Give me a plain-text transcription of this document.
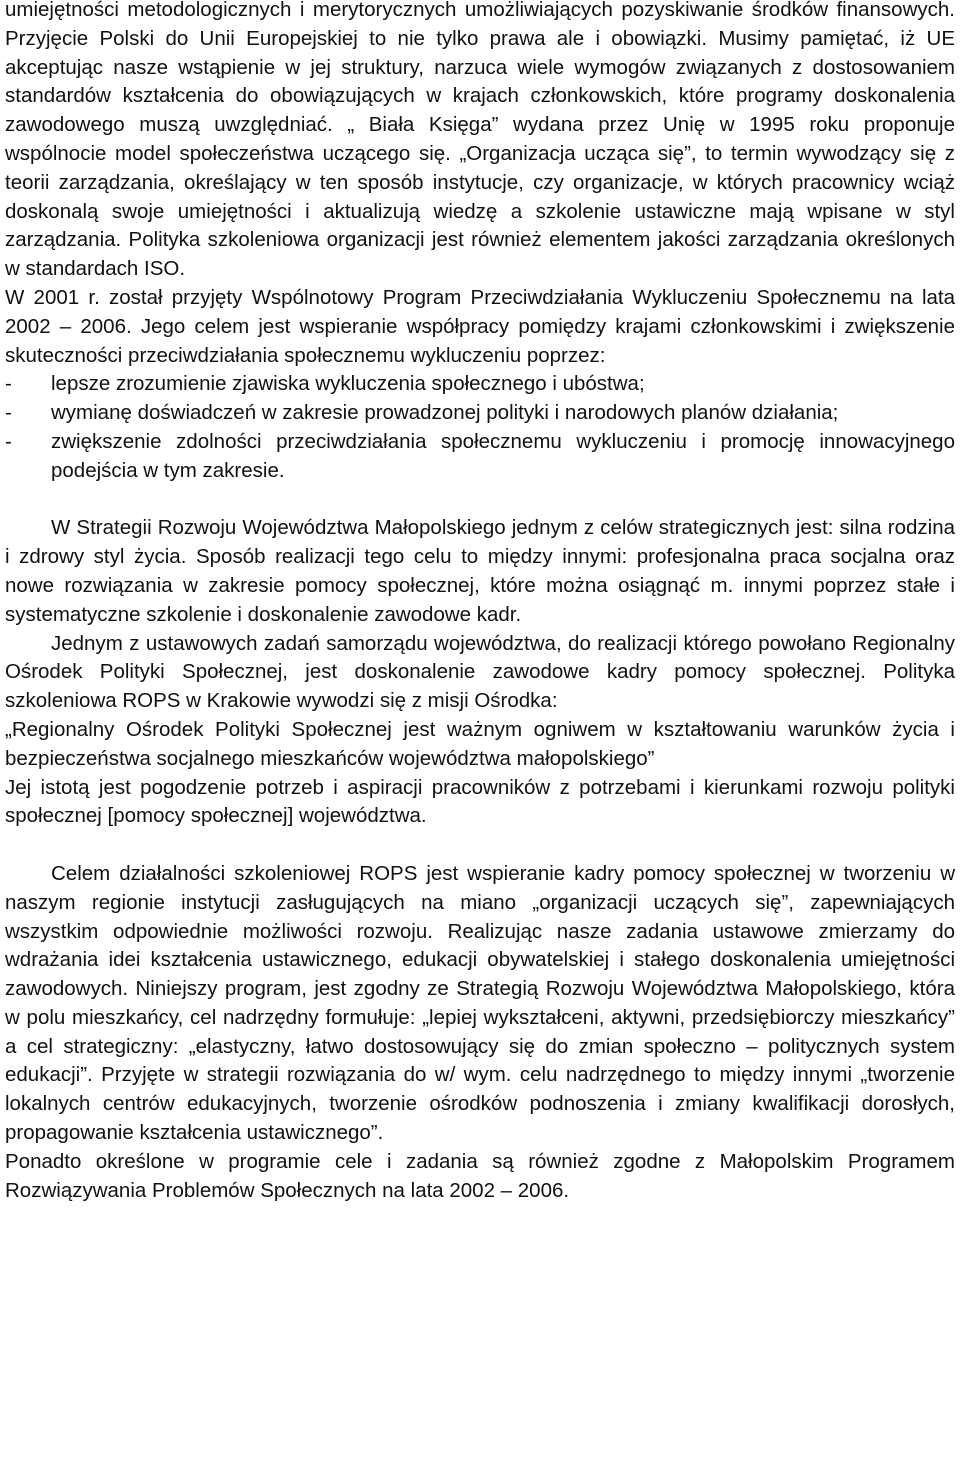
umiejętności metodologicznych i merytorycznych umożliwiających pozyskiwanie środków finansowych. Przyjęcie Polski do Unii Europejskiej to nie tylko prawa ale i obowiązki. Musimy pamiętać, iż UE akceptując nasze wstąpienie w jej struktury, narzuca wiele wymogów związanych z dostosowaniem standardów kształcenia do obowiązujących w krajach członkowskich, które programy doskonalenia zawodowego muszą uwzględniać. „ Biała Księga” wydana przez Unię w 1995 roku proponuje wspólnocie model społeczeństwa uczącego się. „Organizacja ucząca się”, to termin wywodzący się z teorii zarządzania, określający w ten sposób instytucje, czy organizacje, w których pracownicy wciąż doskonalą swoje umiejętności i aktualizują wiedzę a szkolenie ustawiczne mają wpisane w styl zarządzania. Polityka szkoleniowa organizacji jest również elementem jakości zarządzania określonych w standardach ISO.

W 2001 r. został przyjęty Wspólnotowy Program Przeciwdziałania Wykluczeniu Społecznemu na lata 2002 – 2006. Jego celem jest wspieranie współpracy pomiędzy krajami członkowskimi i zwiększenie skuteczności przeciwdziałania społecznemu wykluczeniu poprzez:

- lepsze zrozumienie zjawiska wykluczenia społecznego i ubóstwa;
- wymianę doświadczeń w zakresie prowadzonej polityki i narodowych planów działania;
- zwiększenie zdolności przeciwdziałania społecznemu wykluczeniu i promocję innowacyjnego podejścia w tym zakresie.

W Strategii Rozwoju Województwa Małopolskiego jednym z celów strategicznych jest: silna rodzina i zdrowy styl życia. Sposób realizacji tego celu to między innymi: profesjonalna praca socjalna oraz nowe rozwiązania w zakresie pomocy społecznej, które można osiągnąć m. innymi poprzez stałe i systematyczne szkolenie i doskonalenie zawodowe kadr.

Jednym z ustawowych zadań samorządu województwa, do realizacji którego powołano Regionalny Ośrodek Polityki Społecznej, jest doskonalenie zawodowe kadry pomocy społecznej. Polityka szkoleniowa ROPS w Krakowie wywodzi się z misji Ośrodka:

„Regionalny Ośrodek Polityki Społecznej jest ważnym ogniwem w kształtowaniu warunków życia i bezpieczeństwa socjalnego mieszkańców województwa małopolskiego”

Jej istotą jest pogodzenie potrzeb i aspiracji pracowników z potrzebami i kierunkami rozwoju polityki społecznej [pomocy społecznej] województwa.

Celem działalności szkoleniowej ROPS jest wspieranie kadry pomocy społecznej w tworzeniu w naszym regionie instytucji zasługujących na miano „organizacji uczących się”, zapewniających wszystkim odpowiednie możliwości rozwoju. Realizując nasze zadania ustawowe zmierzamy do wdrażania idei kształcenia ustawicznego, edukacji obywatelskiej i stałego doskonalenia umiejętności zawodowych. Niniejszy program, jest zgodny ze Strategią Rozwoju Województwa Małopolskiego, która w polu mieszkańcy, cel nadrzędny formułuje: „lepiej wykształceni, aktywni, przedsiębiorczy mieszkańcy” a cel strategiczny: „elastyczny, łatwo dostosowujący się do zmian społeczno – politycznych system edukacji”. Przyjęte w strategii rozwiązania do w/ wym. celu nadrzędnego to między innymi „tworzenie lokalnych centrów edukacyjnych, tworzenie ośrodków podnoszenia i zmiany kwalifikacji dorosłych, propagowanie kształcenia ustawicznego”.

Ponadto określone w programie cele i zadania są również zgodne z Małopolskim Programem Rozwiązywania Problemów Społecznych na lata 2002 – 2006.
